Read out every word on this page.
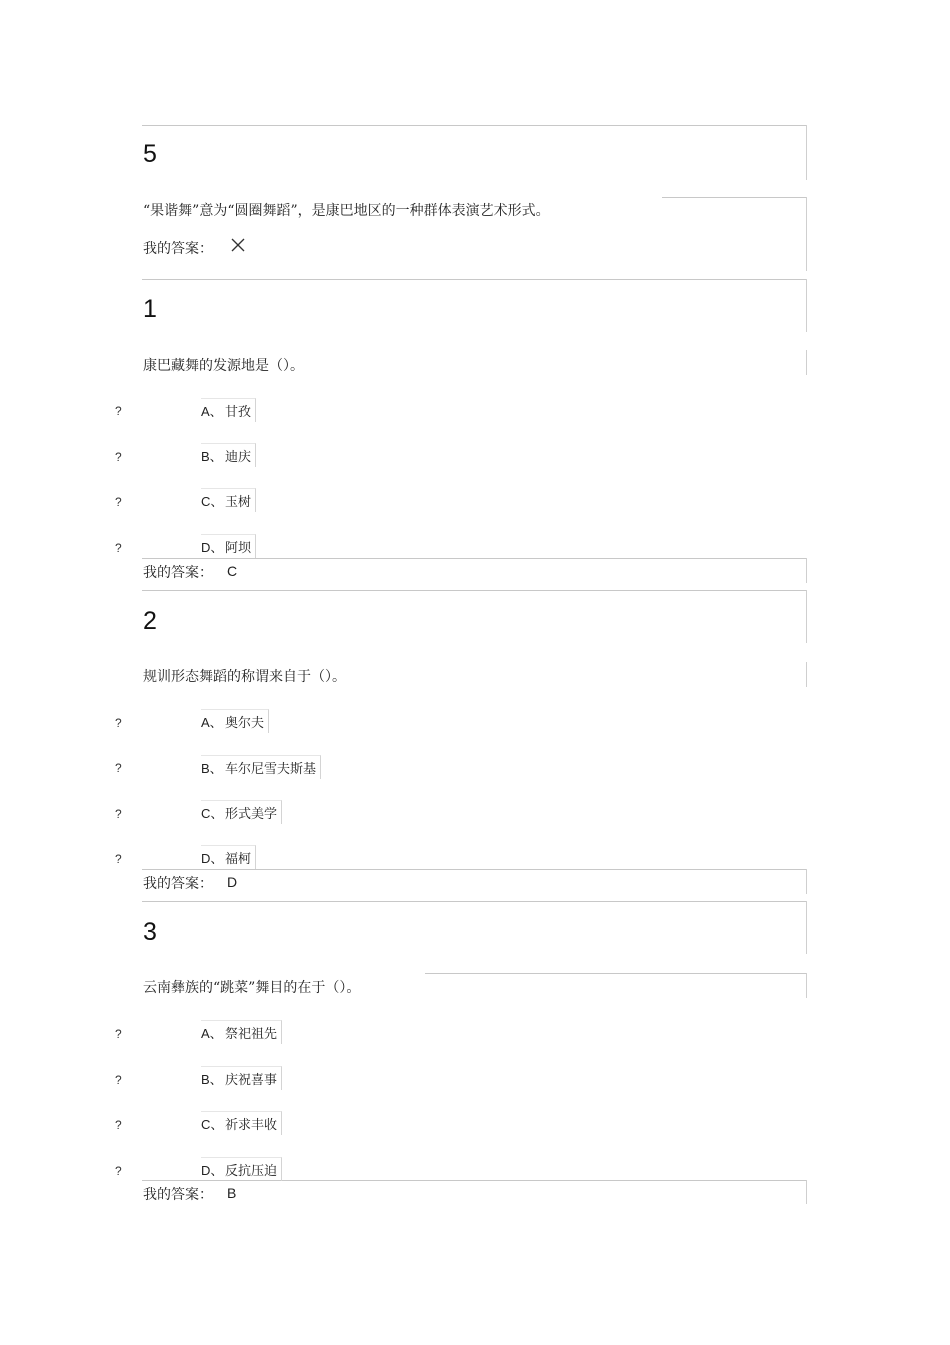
5
“果谐舞”意为“圆圈舞蹈”，是康巴地区的一种群体表演艺术形式。
我的答案：
1
康巴藏舞的发源地是（）。
?	A、 甘孜
?	B、 迪庆
?	C、 玉树
?	D、 阿坝
我的答案： C
2
规训形态舞蹈的称谓来自于（）。
?	A、 奥尔夫
?	B、 车尔尼雪夫斯基
?	C、 形式美学
?	D、 福柯
我的答案： D
3
云南彝族的“跳菜”舞目的在于（）。
?	A、 祭祀祖先
?	B、 庆祝喜事
?	C、 祈求丰收
?	D、 反抗压迫
我的答案： B
